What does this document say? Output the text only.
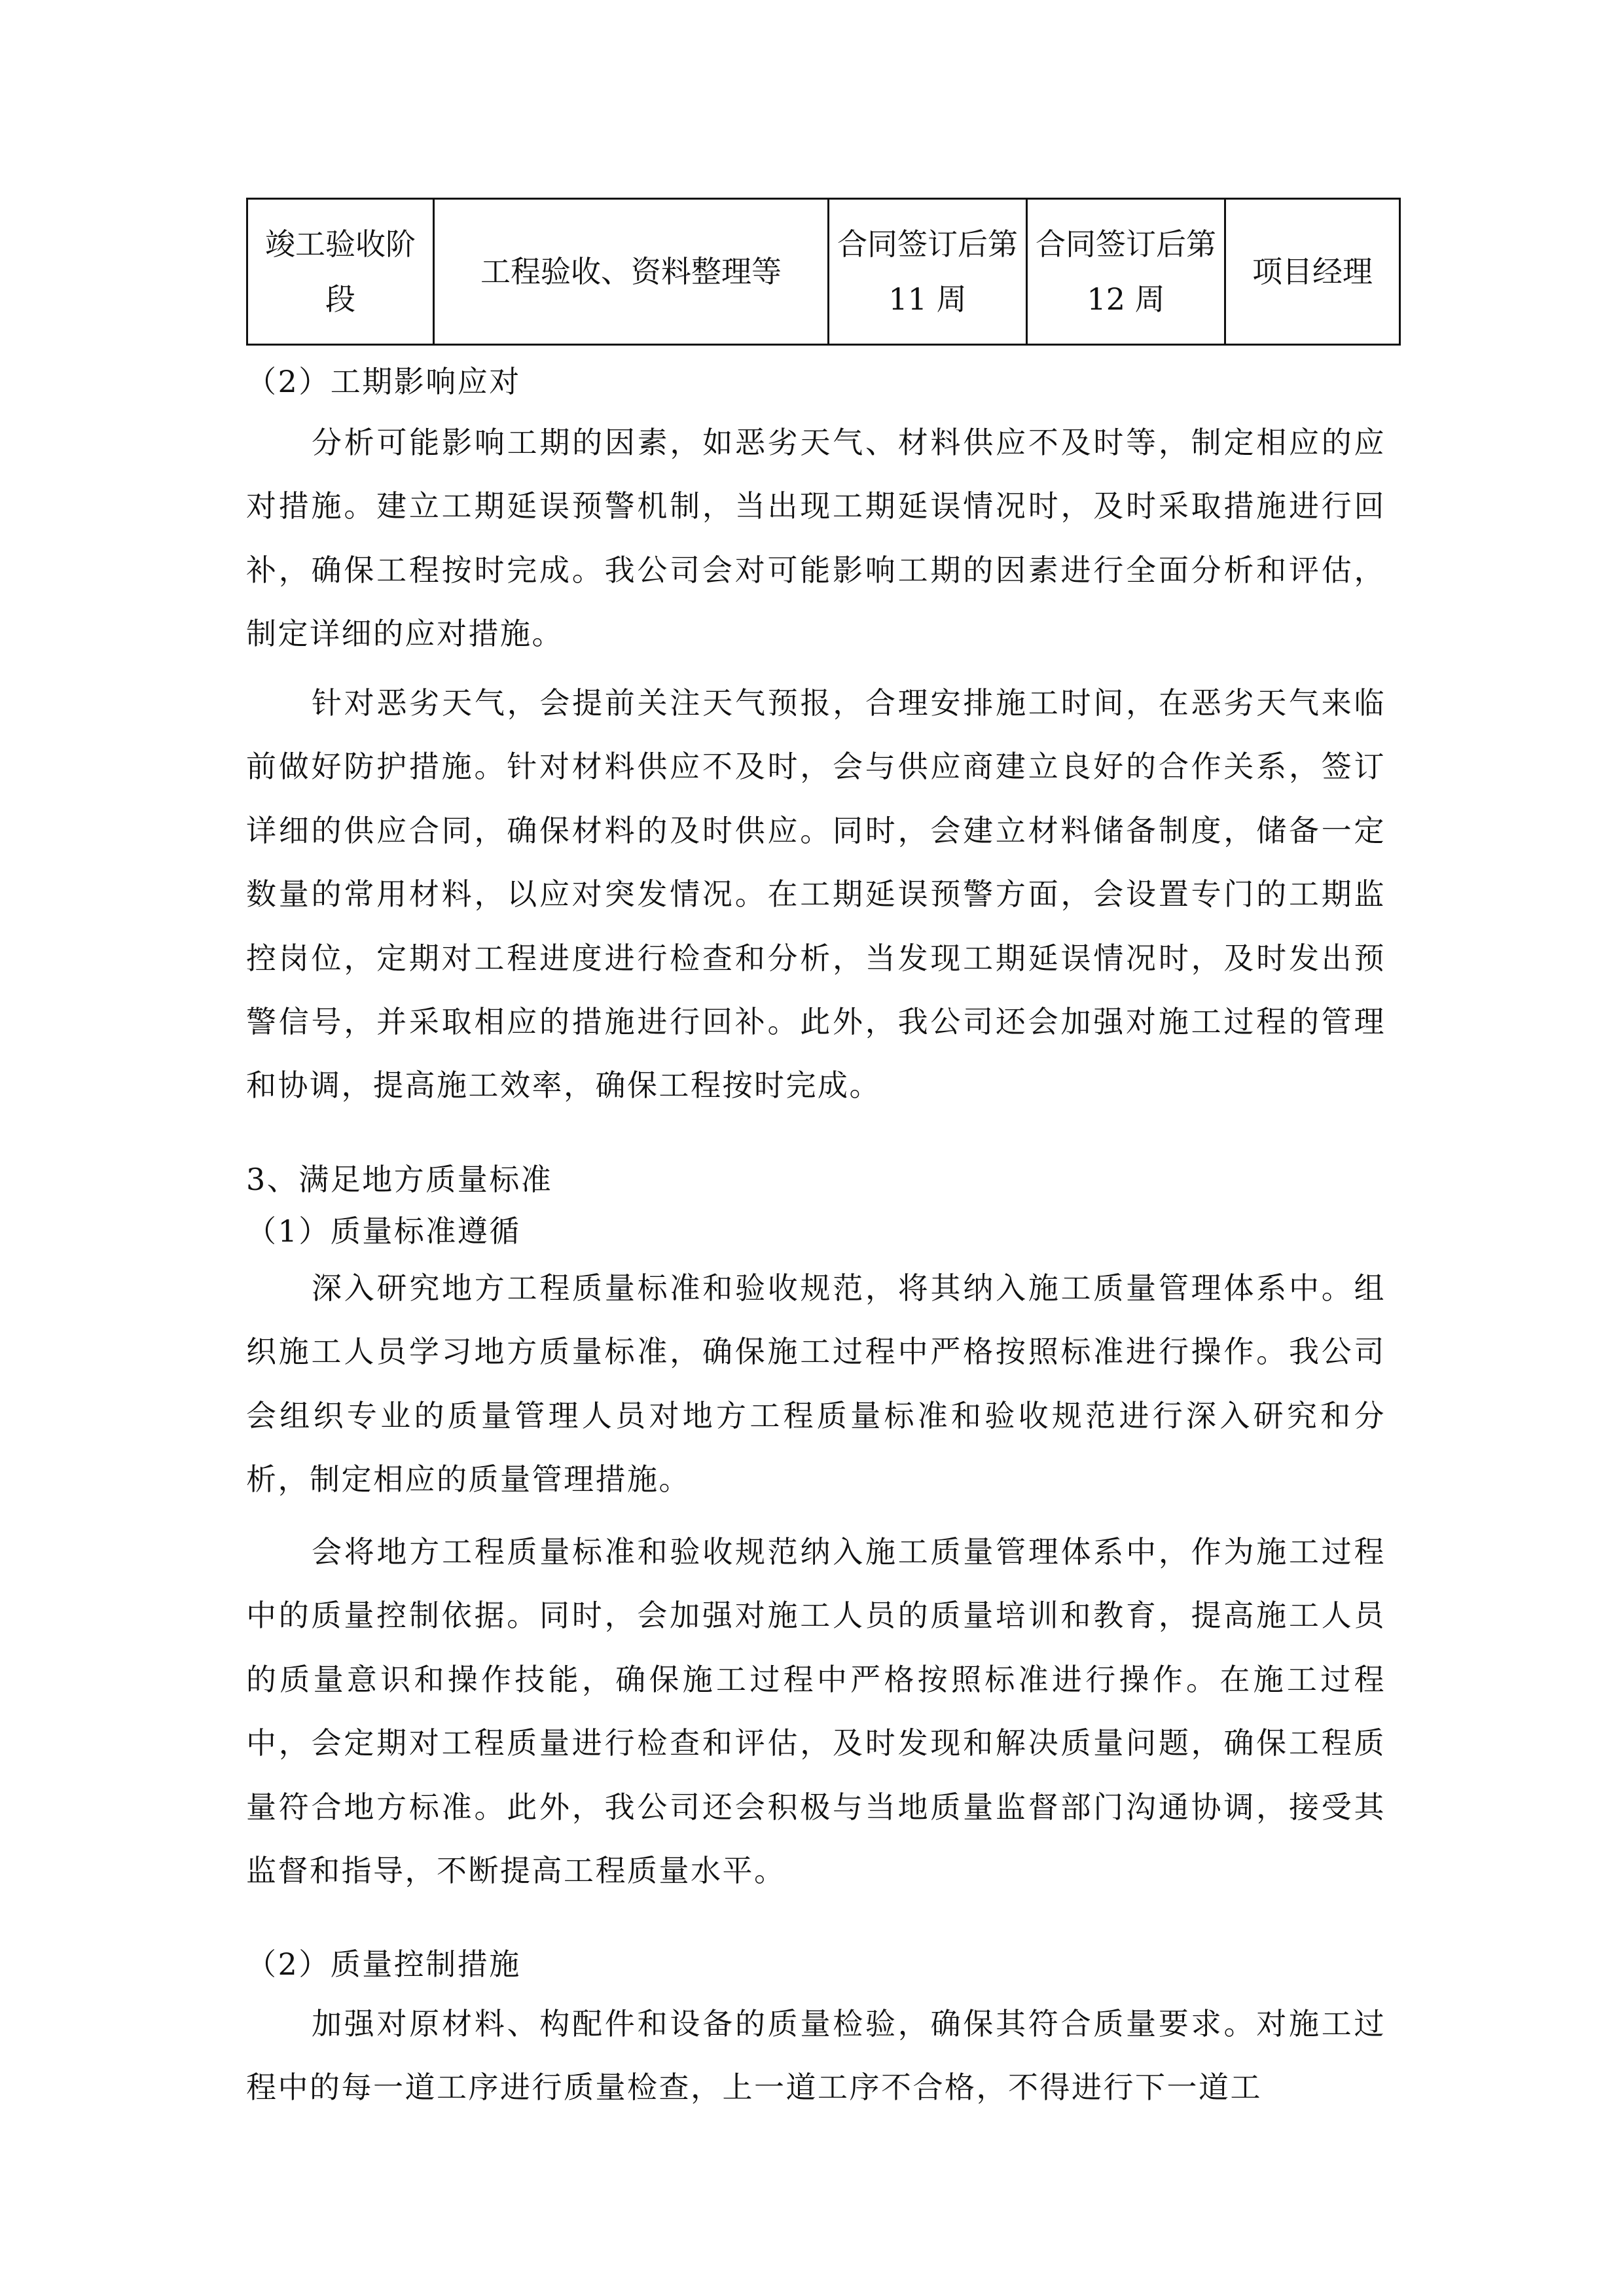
竣工验收阶段	工程验收、资料整理等	合同签订后第 11 周	合同签订后第 12 周	项目经理

（2）工期影响应对

分析可能影响工期的因素，如恶劣天气、材料供应不及时等，制定相应的应对措施。建立工期延误预警机制，当出现工期延误情况时，及时采取措施进行回补，确保工程按时完成。我公司会对可能影响工期的因素进行全面分析和评估，制定详细的应对措施。

针对恶劣天气，会提前关注天气预报，合理安排施工时间，在恶劣天气来临前做好防护措施。针对材料供应不及时，会与供应商建立良好的合作关系，签订详细的供应合同，确保材料的及时供应。同时，会建立材料储备制度，储备一定数量的常用材料，以应对突发情况。在工期延误预警方面，会设置专门的工期监控岗位，定期对工程进度进行检查和分析，当发现工期延误情况时，及时发出预警信号，并采取相应的措施进行回补。此外，我公司还会加强对施工过程的管理和协调，提高施工效率，确保工程按时完成。

3、满足地方质量标准

（1）质量标准遵循

深入研究地方工程质量标准和验收规范，将其纳入施工质量管理体系中。组织施工人员学习地方质量标准，确保施工过程中严格按照标准进行操作。我公司会组织专业的质量管理人员对地方工程质量标准和验收规范进行深入研究和分析，制定相应的质量管理措施。

会将地方工程质量标准和验收规范纳入施工质量管理体系中，作为施工过程中的质量控制依据。同时，会加强对施工人员的质量培训和教育，提高施工人员的质量意识和操作技能，确保施工过程中严格按照标准进行操作。在施工过程中，会定期对工程质量进行检查和评估，及时发现和解决质量问题，确保工程质量符合地方标准。此外，我公司还会积极与当地质量监督部门沟通协调，接受其监督和指导，不断提高工程质量水平。

（2）质量控制措施

加强对原材料、构配件和设备的质量检验，确保其符合质量要求。对施工过程中的每一道工序进行质量检查，上一道工序不合格，不得进行下一道工
